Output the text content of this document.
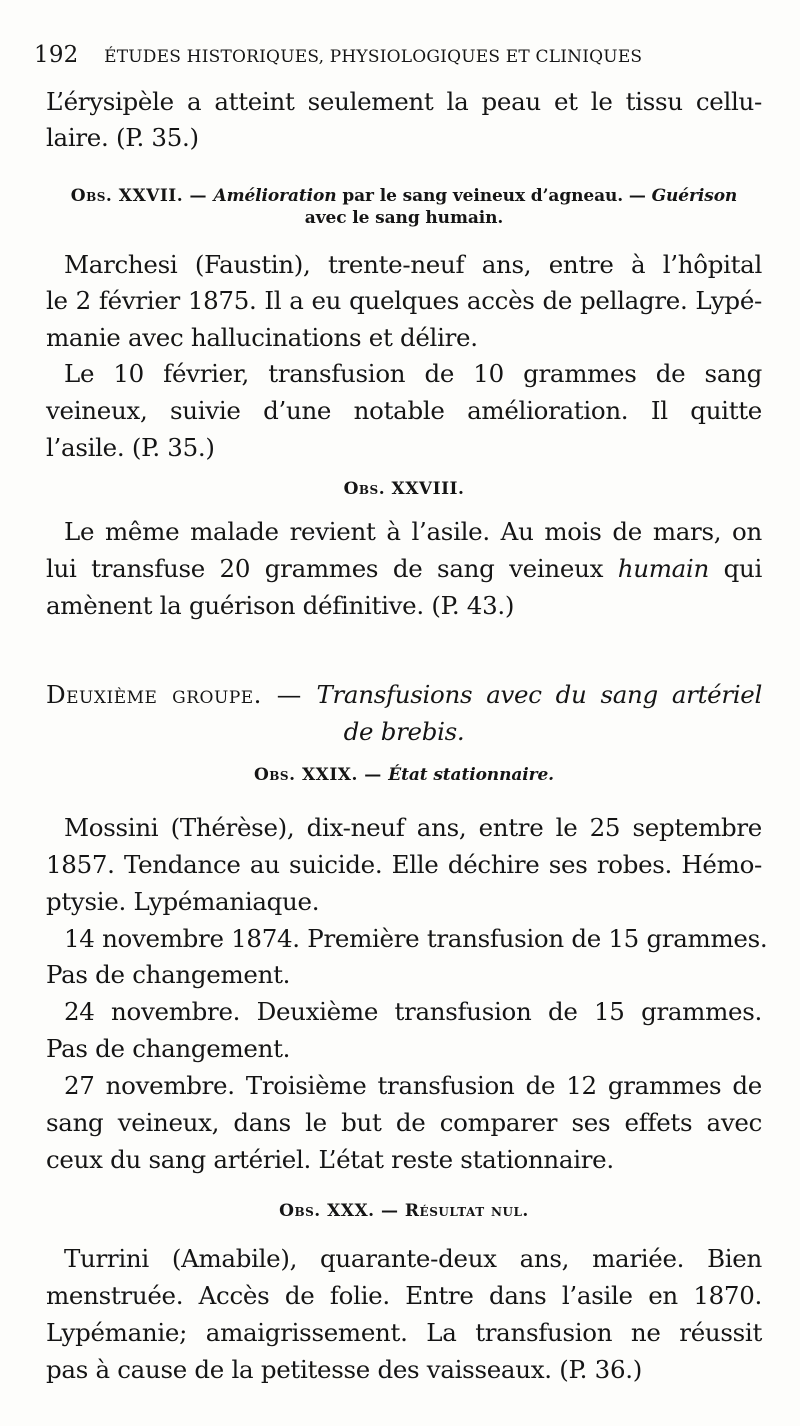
192 ÉTUDES HISTORIQUES, PHYSIOLOGIQUES ET CLINIQUES
L’érysipèle a atteint seulement la peau et le tissu cellu-
laire. (P. 35.)
Obs. XXVII. — Amélioration par le sang veineux d’agneau. — Guérison
avec le sang humain.
Marchesi (Faustin), trente-neuf ans, entre à l’hôpital
le 2 février 1875. Il a eu quelques accès de pellagre. Lypé-
manie avec hallucinations et délire.
Le 10 février, transfusion de 10 grammes de sang
veineux, suivie d’une notable amélioration. Il quitte
l’asile. (P. 35.)
Obs. XXVIII.
Le même malade revient à l’asile. Au mois de mars, on
lui transfuse 20 grammes de sang veineux humain qui
amènent la guérison définitive. (P. 43.)
Deuxième groupe. — Transfusions avec du sang artériel
de brebis.
Obs. XXIX. — État stationnaire.
Mossini (Thérèse), dix-neuf ans, entre le 25 septembre
1857. Tendance au suicide. Elle déchire ses robes. Hémo-
ptysie. Lypémaniaque.
14 novembre 1874. Première transfusion de 15 grammes.
Pas de changement.
24 novembre. Deuxième transfusion de 15 grammes.
Pas de changement.
27 novembre. Troisième transfusion de 12 grammes de
sang veineux, dans le but de comparer ses effets avec
ceux du sang artériel. L’état reste stationnaire.
Obs. XXX. — Résultat nul.
Turrini (Amabile), quarante-deux ans, mariée. Bien
menstruée. Accès de folie. Entre dans l’asile en 1870.
Lypémanie; amaigrissement. La transfusion ne réussit
pas à cause de la petitesse des vaisseaux. (P. 36.)
